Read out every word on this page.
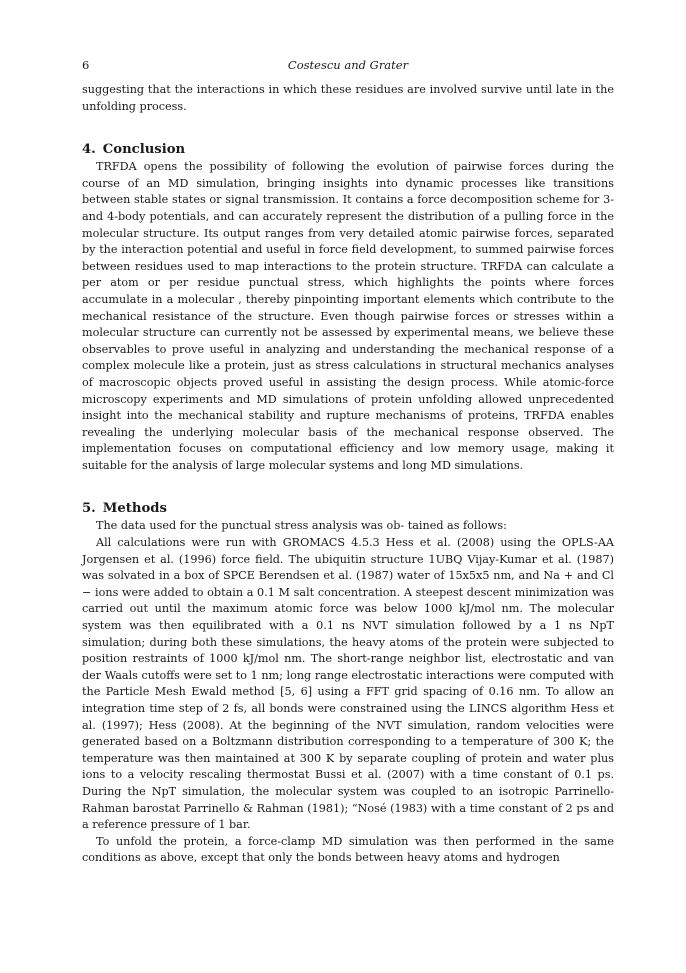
6	Costescu and Grater

suggesting that the interactions in which these residues are involved survive until late in the unfolding process.

4. Conclusion

TRFDA opens the possibility of following the evolution of pairwise forces during the course of an MD simulation, bringing insights into dynamic processes like transitions between stable states or signal transmission. It contains a force decomposition scheme for 3- and 4-body potentials, and can accurately represent the distribution of a pulling force in the molecular structure. Its output ranges from very detailed atomic pairwise forces, separated by the interaction potential and useful in force field development, to summed pairwise forces between residues used to map interactions to the protein structure. TRFDA can calculate a per atom or per residue punctual stress, which highlights the points where forces accumulate in a molecular , thereby pinpointing important elements which contribute to the mechanical resistance of the structure. Even though pairwise forces or stresses within a molecular structure can currently not be assessed by experimental means, we believe these observables to prove useful in analyzing and understanding the mechanical response of a complex molecule like a protein, just as stress calculations in structural mechanics analyses of macroscopic objects proved useful in assisting the design process. While atomic-force microscopy experiments and MD simulations of protein unfolding allowed unprecedented insight into the mechanical stability and rupture mechanisms of proteins, TRFDA enables revealing the underlying molecular basis of the mechanical response observed. The implementation focuses on computational efficiency and low memory usage, making it suitable for the analysis of large molecular systems and long MD simulations.

5. Methods

The data used for the punctual stress analysis was ob- tained as follows:

All calculations were run with GROMACS 4.5.3 Hess et al. (2008) using the OPLS-AA Jorgensen et al. (1996) force field. The ubiquitin structure 1UBQ Vijay-Kumar et al. (1987) was solvated in a box of SPCE Berendsen et al. (1987) water of 15x5x5 nm, and Na + and Cl − ions were added to obtain a 0.1 M salt concentration. A steepest descent minimization was carried out until the maximum atomic force was below 1000 kJ/mol nm. The molecular system was then equilibrated with a 0.1 ns NVT simulation followed by a 1 ns NpT simulation; during both these simulations, the heavy atoms of the protein were subjected to position restraints of 1000 kJ/mol nm. The short-range neighbor list, electrostatic and van der Waals cutoffs were set to 1 nm; long range electrostatic interactions were computed with the Particle Mesh Ewald method [5, 6] using a FFT grid spacing of 0.16 nm. To allow an integration time step of 2 fs, all bonds were constrained using the LINCS algorithm Hess et al. (1997); Hess (2008). At the beginning of the NVT simulation, random velocities were generated based on a Boltzmann distribution corresponding to a temperature of 300 K; the temperature was then maintained at 300 K by separate coupling of protein and water plus ions to a velocity rescaling thermostat Bussi et al. (2007) with a time constant of 0.1 ps. During the NpT simulation, the molecular system was coupled to an isotropic Parrinello-Rahman barostat Parrinello & Rahman (1981); “Nosé (1983) with a time constant of 2 ps and a reference pressure of 1 bar.

To unfold the protein, a force-clamp MD simulation was then performed in the same conditions as above, except that only the bonds between heavy atoms and hydrogen
